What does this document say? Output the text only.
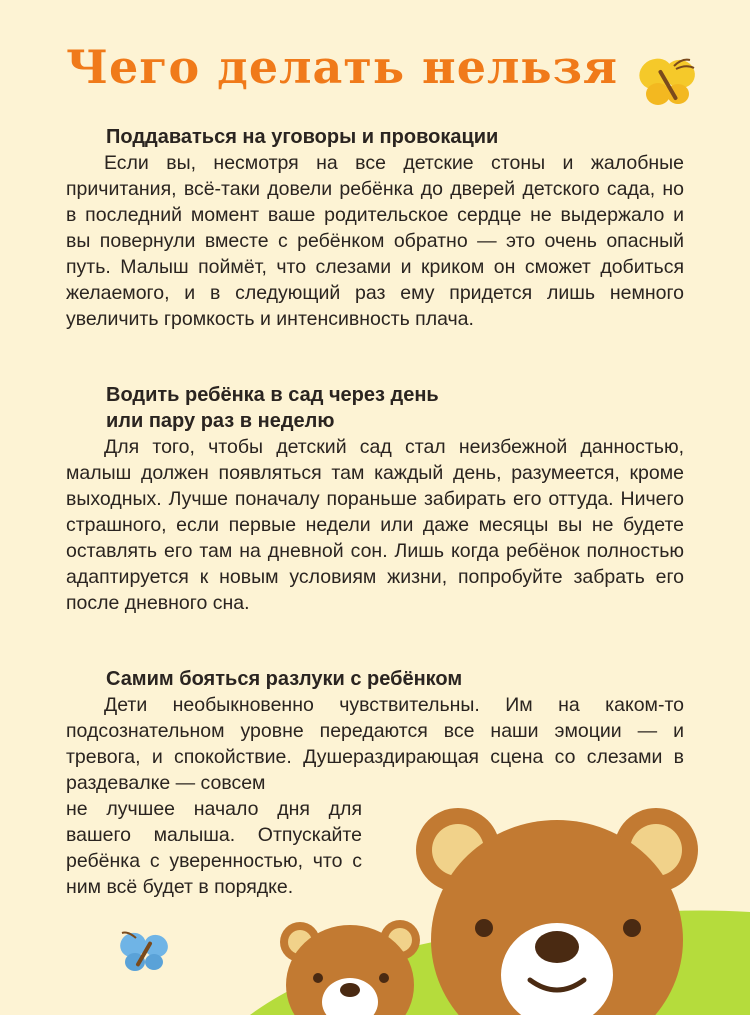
Чего делать нельзя

Поддаваться на уговоры и провокации

Если вы, несмотря на все детские стоны и жалобные причитания, всё-таки довели ребёнка до дверей детского сада, но в последний момент ваше родительское сердце не выдержало и вы повернули вместе с ребёнком обратно — это очень опасный путь. Малыш поймёт, что слезами и криком он сможет добиться желаемого, и в следующий раз ему придется лишь немного увеличить громкость и интенсивность плача.

Водить ребёнка в сад через день или пару раз в неделю

Для того, чтобы детский сад стал неизбежной данностью, малыш должен появляться там каждый день, разумеется, кроме выходных. Лучше поначалу пораньше забирать его оттуда. Ничего страшного, если первые недели или даже месяцы вы не будете оставлять его там на дневной сон. Лишь когда ребёнок полностью адаптируется к новым условиям жизни, попробуйте забрать его после дневного сна.

Самим бояться разлуки с ребёнком

Дети необыкновенно чувствительны. Им на каком-то подсознательном уровне передаются все наши эмоции — и тревога, и спокойствие. Душераздирающая сцена со слезами в раздевалке — совсем

не лучшее начало дня для вашего малыша. Отпускайте ребёнка с уверенностью, что с ним всё будет в порядке.
